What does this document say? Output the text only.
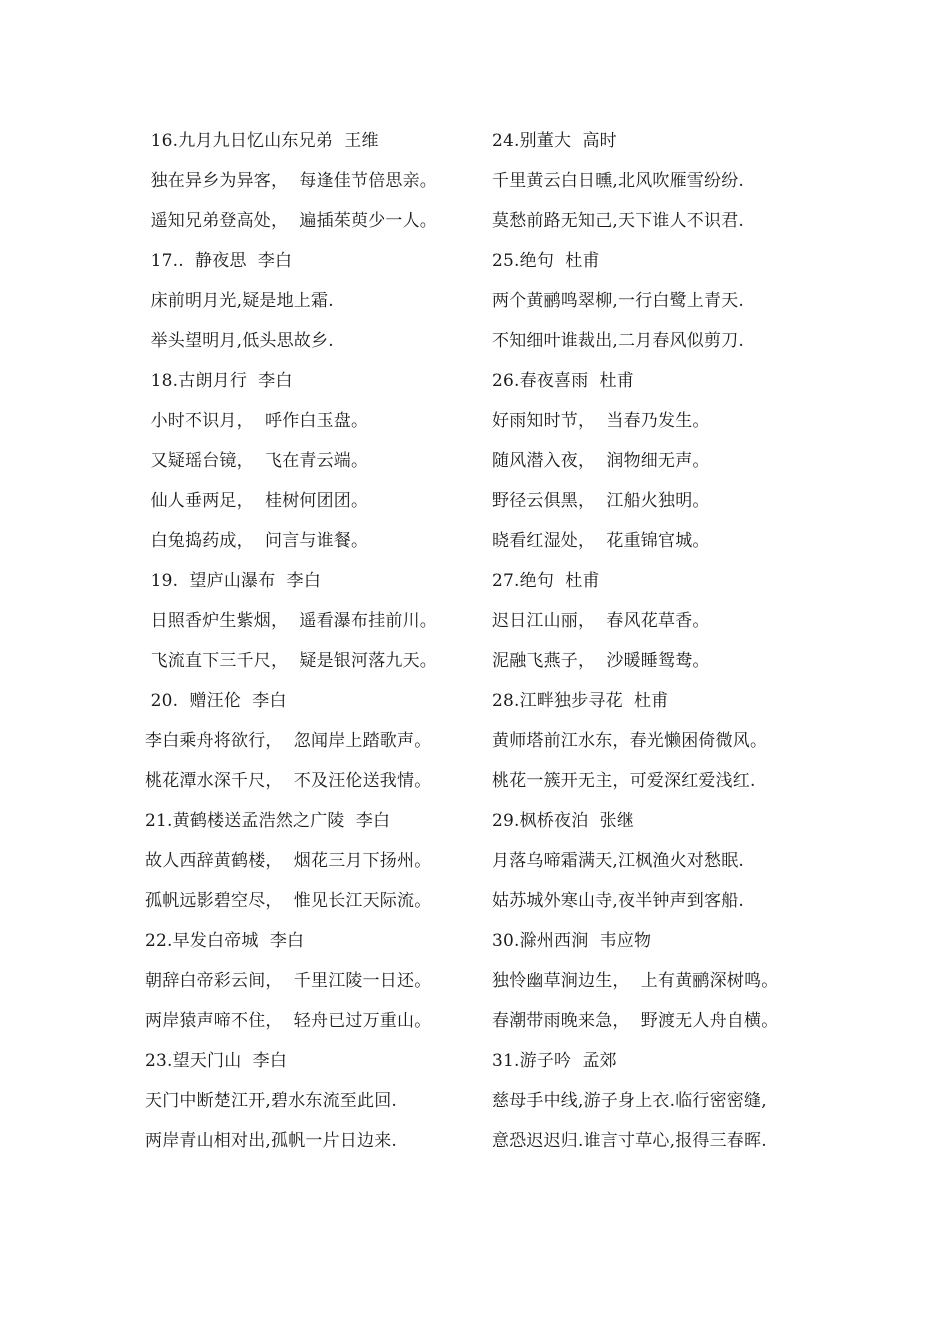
16.九月九日忆山东兄弟  王维
独在异乡为异客，  每逢佳节倍思亲。
遥知兄弟登高处，  遍插茱萸少一人。
17..  静夜思  李白
床前明月光,疑是地上霜.
举头望明月,低头思故乡.
18.古朗月行  李白
小时不识月，  呼作白玉盘。
又疑瑶台镜，  飞在青云端。
仙人垂两足，  桂树何团团。
白兔捣药成，  问言与谁餐。
19.  望庐山瀑布  李白
日照香炉生紫烟，  遥看瀑布挂前川。
飞流直下三千尺，  疑是银河落九天。
20.  赠汪伦  李白
李白乘舟将欲行，  忽闻岸上踏歌声。
桃花潭水深千尺，  不及汪伦送我情。
21.黄鹤楼送孟浩然之广陵  李白
故人西辞黄鹤楼，  烟花三月下扬州。
孤帆远影碧空尽，  惟见长江天际流。
22.早发白帝城  李白
朝辞白帝彩云间，  千里江陵一日还。
两岸猿声啼不住，  轻舟已过万重山。
23.望天门山  李白
天门中断楚江开,碧水东流至此回.
两岸青山相对出,孤帆一片日边来.
24.别董大  高时
千里黄云白日曛,北风吹雁雪纷纷.
莫愁前路无知己,天下谁人不识君.
25.绝句  杜甫
两个黄鹂鸣翠柳,一行白鹭上青天.
不知细叶谁裁出,二月春风似剪刀.
26.春夜喜雨  杜甫
好雨知时节，  当春乃发生。
随风潜入夜，  润物细无声。
野径云俱黑，  江船火独明。
晓看红湿处，  花重锦官城。
27.绝句  杜甫
迟日江山丽，  春风花草香。
泥融飞燕子，  沙暖睡鸳鸯。
28.江畔独步寻花  杜甫
黄师塔前江水东，春光懒困倚微风。
桃花一簇开无主，可爱深红爱浅红.
29.枫桥夜泊  张继
月落乌啼霜满天,江枫渔火对愁眠.
姑苏城外寒山寺,夜半钟声到客船.
30.滁州西涧  韦应物
独怜幽草涧边生，  上有黄鹂深树鸣。
春潮带雨晚来急，  野渡无人舟自横。
31.游子吟  孟郊
慈母手中线,游子身上衣.临行密密缝,
意恐迟迟归.谁言寸草心,报得三春晖.
